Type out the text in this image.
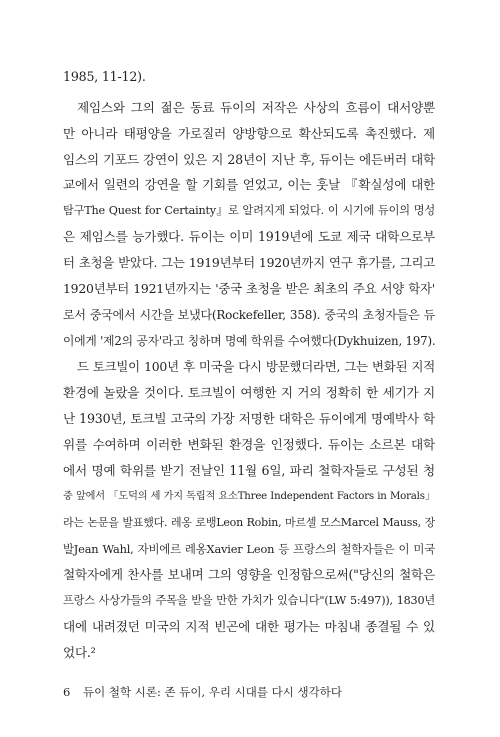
1985, 11-12).
제임스와 그의 젊은 동료 듀이의 저작은 사상의 흐름이 대서양뿐
만 아니라 태평양을 가로질러 양방향으로 확산되도록 촉진했다. 제
임스의 기포드 강연이 있은 지 28년이 지난 후, 듀이는 에든버러 대학
교에서 일련의 강연을 할 기회를 얻었고, 이는 훗날 『확실성에 대한
탐구The Quest for Certainty』로 알려지게 되었다. 이 시기에 듀이의 명성
은 제임스를 능가했다. 듀이는 이미 1919년에 도쿄 제국 대학으로부
터 초청을 받았다. 그는 1919년부터 1920년까지 연구 휴가를, 그리고
1920년부터 1921년까지는 '중국 초청을 받은 최초의 주요 서양 학자'
로서 중국에서 시간을 보냈다(Rockefeller, 358). 중국의 초청자들은 듀
이에게 '제2의 공자'라고 칭하며 명예 학위를 수여했다(Dykhuizen, 197).
드 토크빌이 100년 후 미국을 다시 방문했더라면, 그는 변화된 지적
환경에 놀랐을 것이다. 토크빌이 여행한 지 거의 정확히 한 세기가 지
난 1930년, 토크빌 고국의 가장 저명한 대학은 듀이에게 명예박사 학
위를 수여하며 이러한 변화된 환경을 인정했다. 듀이는 소르본 대학
에서 명예 학위를 받기 전날인 11월 6일, 파리 철학자들로 구성된 청
중 앞에서 「도덕의 세 가지 독립적 요소Three Independent Factors in Morals」
라는 논문을 발표했다. 레옹 로뱅Leon Robin, 마르셀 모스Marcel Mauss, 장
발Jean Wahl, 자비에르 레옹Xavier Leon 등 프랑스의 철학자들은 이 미국
철학자에게 찬사를 보내며 그의 영향을 인정함으로써("당신의 철학은
프랑스 사상가들의 주목을 받을 만한 가치가 있습니다"(LW 5:497)), 1830년
대에 내려졌던 미국의 지적 빈곤에 대한 평가는 마침내 종결될 수 있
었다.²
6 듀이 철학 시론: 존 듀이, 우리 시대를 다시 생각하다
